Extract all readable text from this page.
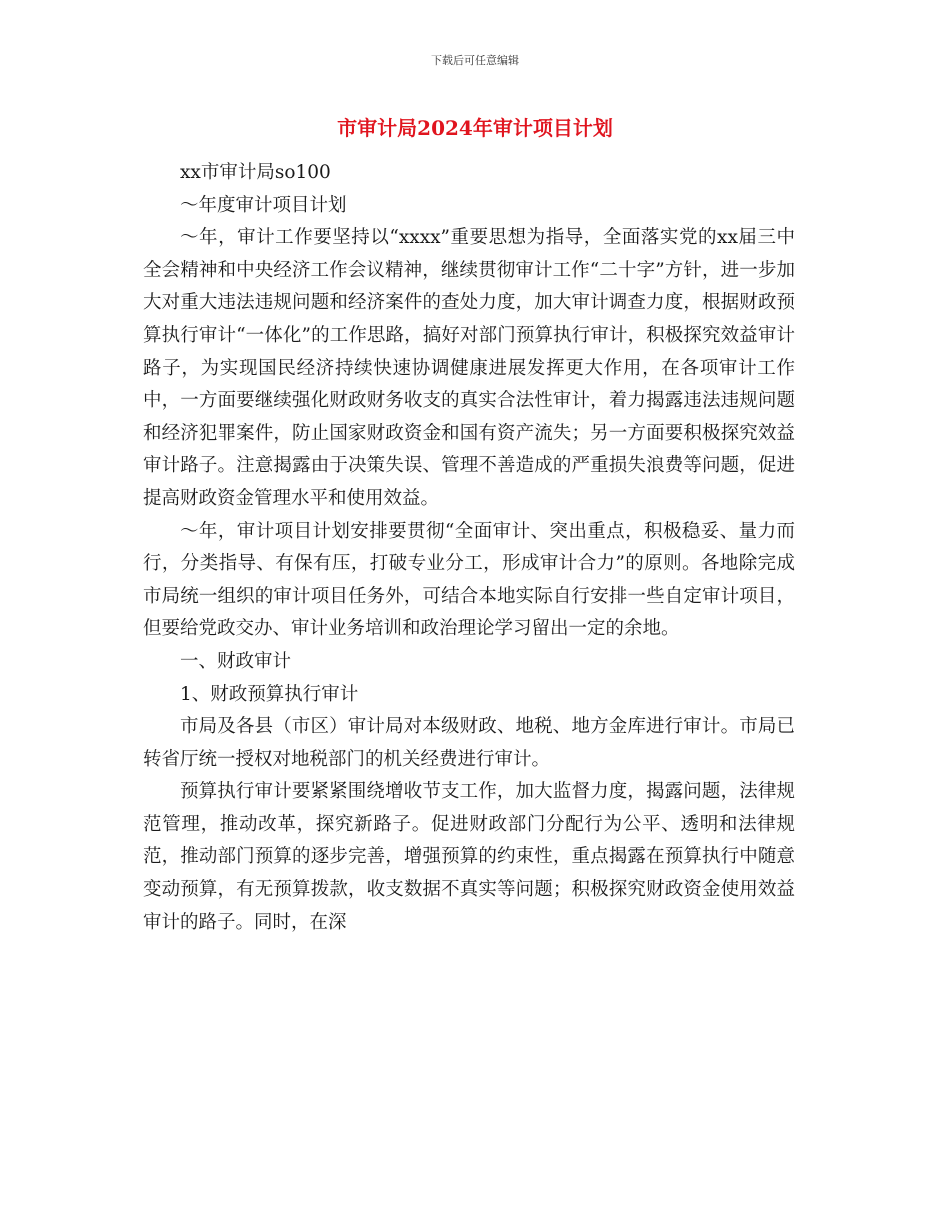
下载后可任意编辑
市审计局2024年审计项目计划

xx市审计局so100

～年度审计项目计划

～年，审计工作要坚持以“xxxx”重要思想为指导，全面落实党的xx届三中全会精神和中央经济工作会议精神，继续贯彻审计工作“二十字”方针，进一步加大对重大违法违规问题和经济案件的查处力度，加大审计调查力度，根据财政预算执行审计“一体化”的工作思路，搞好对部门预算执行审计，积极探究效益审计路子，为实现国民经济持续快速协调健康进展发挥更大作用，在各项审计工作中，一方面要继续强化财政财务收支的真实合法性审计，着力揭露违法违规问题和经济犯罪案件，防止国家财政资金和国有资产流失；另一方面要积极探究效益审计路子。注意揭露由于决策失误、管理不善造成的严重损失浪费等问题，促进提高财政资金管理水平和使用效益。

～年，审计项目计划安排要贯彻“全面审计、突出重点，积极稳妥、量力而行，分类指导、有保有压，打破专业分工，形成审计合力”的原则。各地除完成市局统一组织的审计项目任务外，可结合本地实际自行安排一些自定审计项目，但要给党政交办、审计业务培训和政治理论学习留出一定的余地。

一、财政审计

1、财政预算执行审计

市局及各县（市区）审计局对本级财政、地税、地方金库进行审计。市局已转省厅统一授权对地税部门的机关经费进行审计。

预算执行审计要紧紧围绕增收节支工作，加大监督力度，揭露问题，法律规范管理，推动改革，探究新路子。促进财政部门分配行为公平、透明和法律规范，推动部门预算的逐步完善，增强预算的约束性，重点揭露在预算执行中随意变动预算，有无预算拨款，收支数据不真实等问题；积极探究财政资金使用效益审计的路子。同时，在深
